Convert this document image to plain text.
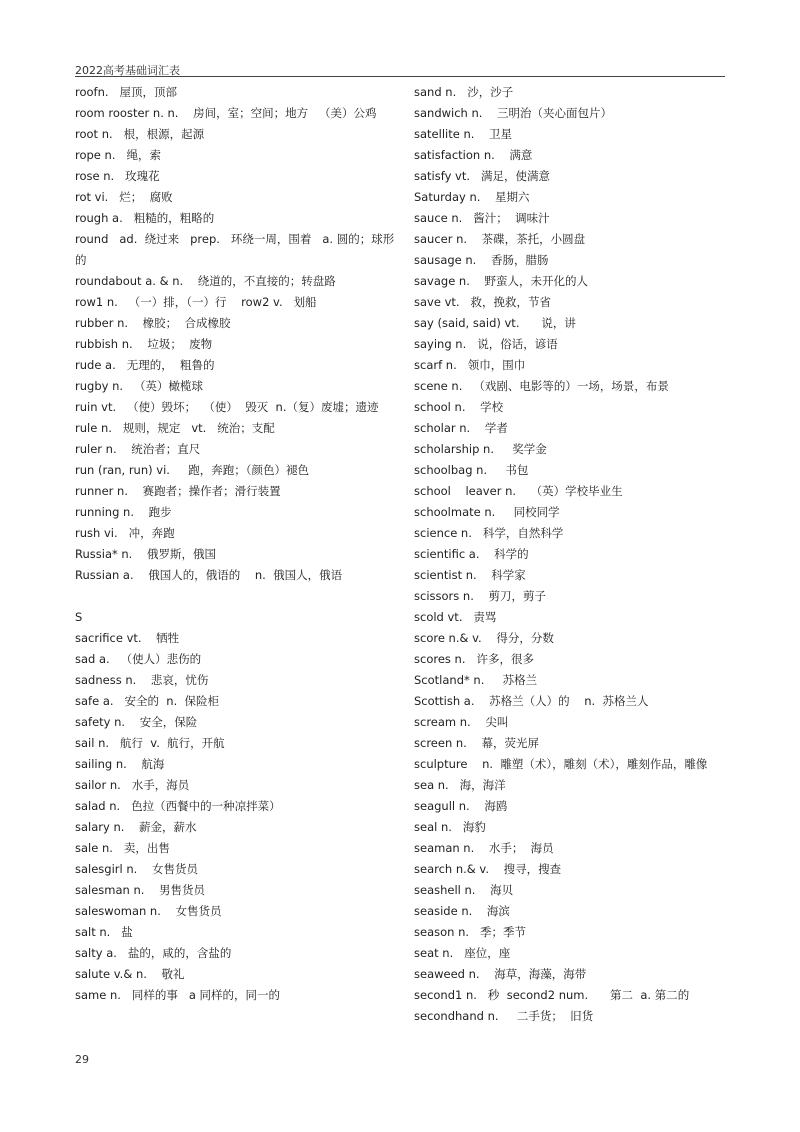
2022高考基础词汇表

roofn.   屋顶，顶部

room rooster n. n.    房间，室；空间；地方   （美）公鸡

root n.   根，根源，起源

rope n.   绳，索

rose n.   玫瑰花

rot vi.   烂；  腐败

rough a.   粗糙的，粗略的

round   ad.  绕过来   prep.   环绕一周，围着   a. 圆的；球形的

roundabout a. & n.    绕道的，不直接的；转盘路

row1 n.   （一）排，（一）行    row2 v.   划船

rubber n.    橡胶；  合成橡胶

rubbish n.    垃圾；  废物

rude a.   无理的，  粗鲁的

rugby n.   （英）橄榄球

ruin vt.   （使）毁坏；  （使）  毁灭  n.（复）废墟；遗迹

rule n.   规则，规定   vt.   统治；支配

ruler n.    统治者；直尺

run (ran, run) vi.     跑，奔跑；（颜色）褪色

runner n.    赛跑者；操作者；滑行装置

running n.    跑步

rush vi.   冲，奔跑

Russia* n.    俄罗斯，俄国

Russian a.    俄国人的，俄语的    n.  俄国人，俄语

S

sacrifice vt.    牺牲

sad a.   （使人）悲伤的

sadness n.    悲哀，忧伤

safe a.   安全的  n.  保险柜

safety n.    安全，保险

sail n.   航行  v.  航行，开航

sailing n.    航海

sailor n.   水手，海员

salad n.   色拉（西餐中的一种凉拌菜）

salary n.    薪金，薪水

sale n.   卖，出售

salesgirl n.    女售货员

salesman n.    男售货员

saleswoman n.    女售货员

salt n.   盐

salty a.   盐的，咸的，含盐的

salute v.& n.    敬礼

same n.   同样的事   a 同样的，同一的

sand n.   沙，沙子

sandwich n.    三明治（夹心面包片）

satellite n.    卫星

satisfaction n.    满意

satisfy vt.   满足，使满意

Saturday n.    星期六

sauce n.   酱汁；  调味汁

saucer n.    茶碟，茶托，小圆盘

sausage n.    香肠，腊肠

savage n.    野蛮人，未开化的人

save vt.   救，挽救，节省

say (said, said) vt.      说，讲

saying n.   说，俗话，谚语

scarf n.   领巾，围巾

scene n.   （戏剧、电影等的）一场，场景，布景

school n.    学校

scholar n.    学者

scholarship n.     奖学金

schoolbag n.     书包

school    leaver n.    （英）学校毕业生

schoolmate n.     同校同学

science n.   科学，自然科学

scientific a.    科学的

scientist n.    科学家

scissors n.    剪刀，剪子

scold vt.   责骂

score n.& v.    得分，分数

scores n.   许多，很多

Scotland* n.     苏格兰

Scottish a.    苏格兰（人）的    n.  苏格兰人

scream n.    尖叫

screen n.    幕，荧光屏

sculpture    n.  雕塑（术），雕刻（术），雕刻作品，雕像

sea n.   海，海洋

seagull n.    海鸥

seal n.   海豹

seaman n.    水手；  海员

search n.& v.    搜寻，搜查

seashell n.    海贝

seaside n.    海滨

season n.   季；季节

seat n.   座位，座

seaweed n.    海草，海藻，海带

second1 n.   秒  second2 num.      第二  a. 第二的

secondhand n.     二手货；  旧货

29
